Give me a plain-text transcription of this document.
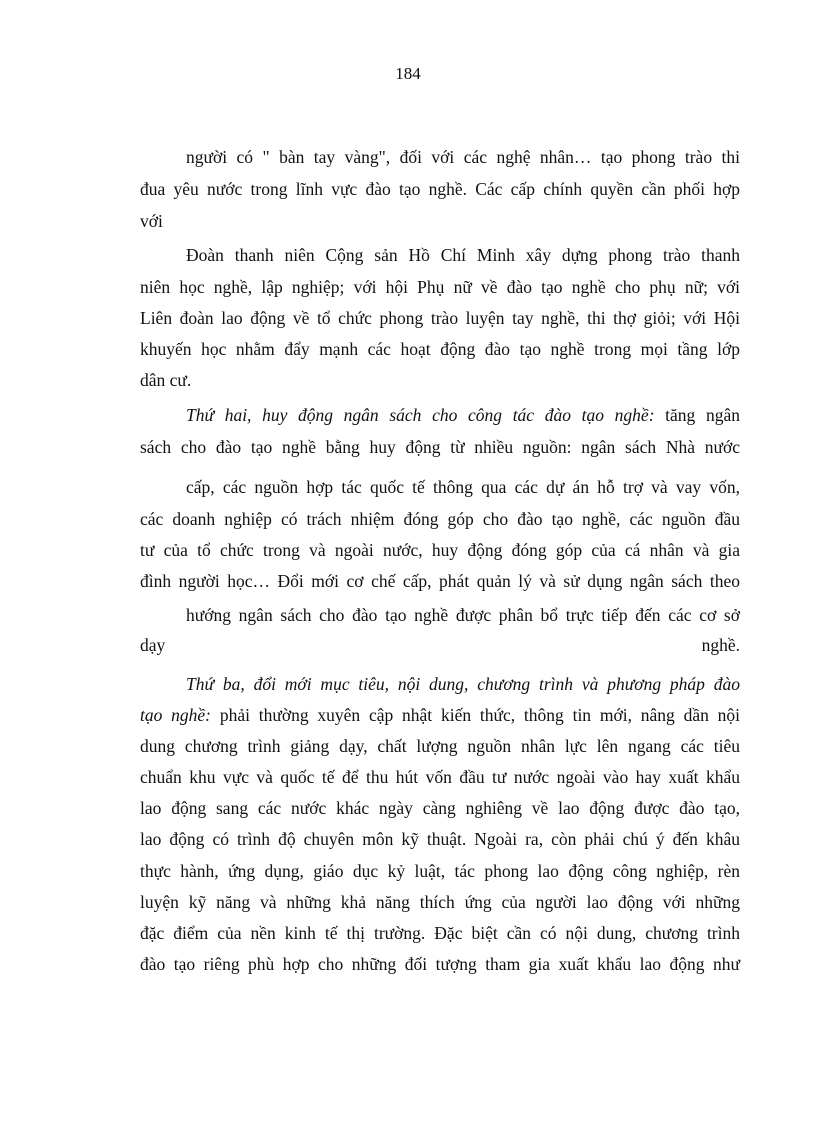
184
người có " bàn tay vàng", đối với các nghệ nhân… tạo phong trào thi
đua yêu nước trong lĩnh vực đào tạo nghề. Các cấp chính quyền cần phối hợp
với
Đoàn thanh niên Cộng sản Hồ Chí Minh xây dựng phong trào thanh
niên học nghề, lập nghiệp; với hội Phụ nữ về đào tạo nghề cho phụ nữ; với
Liên đoàn lao động về tổ chức phong trào luyện tay nghề, thi thợ giỏi; với Hội
khuyến học nhằm đẩy mạnh các hoạt động đào tạo nghề trong mọi tầng lớp
dân cư.
Thứ hai, huy động ngân sách cho công tác đào tạo nghề: tăng ngân
sách cho đào tạo nghề bằng huy động từ nhiều nguồn: ngân sách Nhà nước
cấp, các nguồn hợp tác quốc tế thông qua các dự án hỗ trợ và vay vốn,
các doanh nghiệp có trách nhiệm đóng góp cho đào tạo nghề, các nguồn đầu
tư của tổ chức trong và ngoài nước, huy động đóng góp của cá nhân và gia
đình người học… Đổi mới cơ chế cấp, phát quản lý và sử dụng ngân sách theo
hướng ngân sách cho đào tạo nghề được phân bổ trực tiếp đến các cơ sở
dạy	nghề.
Thứ ba, đổi mới mục tiêu, nội dung, chương trình và phương pháp đào
tạo nghề: phải thường xuyên cập nhật kiến thức, thông tin mới, nâng dần nội
dung chương trình giảng dạy, chất lượng nguồn nhân lực lên ngang các tiêu
chuẩn khu vực và quốc tế để thu hút vốn đầu tư nước ngoài vào hay xuất khẩu
lao động sang các nước khác ngày càng nghiêng về lao động được đào tạo,
lao động có trình độ chuyên môn kỹ thuật. Ngoài ra, còn phải chú ý đến khâu
thực hành, ứng dụng, giáo dục kỷ luật, tác phong lao động công nghiệp, rèn
luyện kỹ năng và những khả năng thích ứng của người lao động với những
đặc điểm của nền kinh tế thị trường. Đặc biệt cần có nội dung, chương trình
đào tạo riêng phù hợp cho những đối tượng tham gia xuất khẩu lao động như
